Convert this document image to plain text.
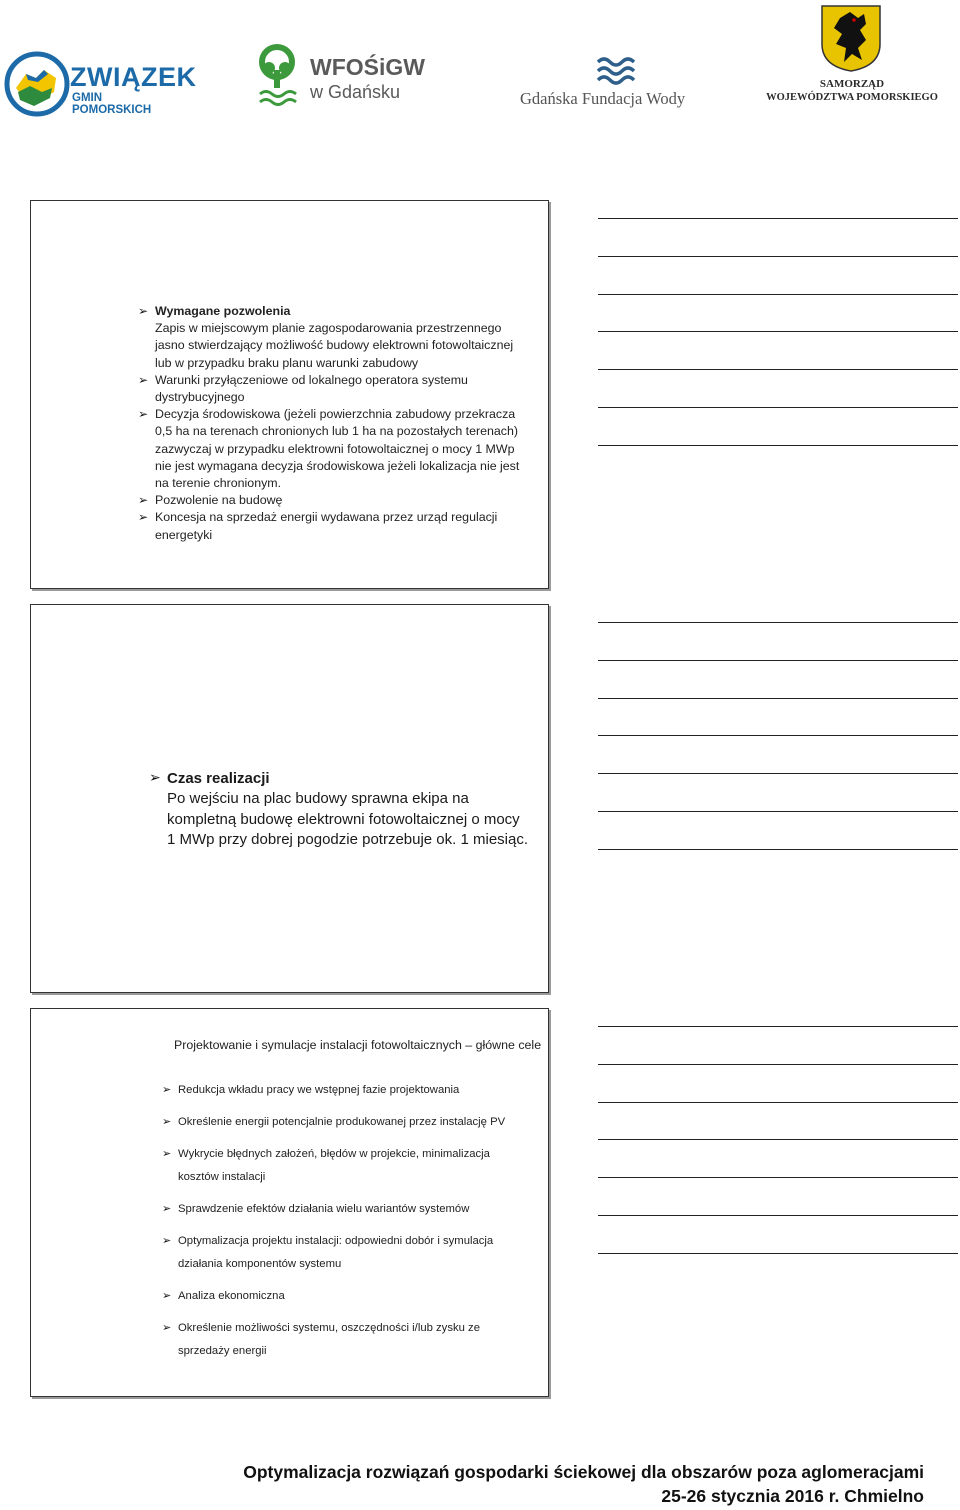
ZWIĄZEK
GMIN POMORSKICH
WFOŚiGW
w Gdańsku	Gdańska Fundacja Wody
SAMORZĄD
WOJEWÓDZTWA POMORSKIEGO
➢ Wymagane pozwolenia
Zapis w miejscowym planie zagospodarowania przestrzennego jasno stwierdzający możliwość budowy elektrowni fotowoltaicznej lub w przypadku braku planu warunki zabudowy
➢ Warunki przyłączeniowe od lokalnego operatora systemu dystrybucyjnego
➢ Decyzja środowiskowa (jeżeli powierzchnia zabudowy przekracza 0,5 ha na terenach chronionych lub 1 ha na pozostałych terenach) zazwyczaj w przypadku elektrowni fotowoltaicznej o mocy 1 MWp nie jest wymagana decyzja środowiskowa jeżeli lokalizacja nie jest na terenie chronionym.
➢ Pozwolenie na budowę
➢ Koncesja na sprzedaż energii wydawana przez urząd regulacji energetyki
➢ Czas realizacji
Po wejściu na plac budowy sprawna ekipa na kompletną budowę elektrowni fotowoltaicznej o mocy 1 MWp przy dobrej pogodzie potrzebuje ok. 1 miesiąc.
Projektowanie i symulacje instalacji fotowoltaicznych – główne cele
➢ Redukcja wkładu pracy we wstępnej fazie projektowania
➢ Określenie energii potencjalnie produkowanej przez instalację PV
➢ Wykrycie błędnych założeń, błędów w projekcie, minimalizacja kosztów instalacji
➢ Sprawdzenie efektów działania wielu wariantów systemów
➢ Optymalizacja projektu instalacji: odpowiedni dobór i symulacja działania komponentów systemu
➢ Analiza ekonomiczna
➢ Określenie możliwości systemu, oszczędności i/lub zysku ze sprzedaży energii
Optymalizacja rozwiązań gospodarki ściekowej dla obszarów poza aglomeracjami
25-26 stycznia 2016 r. Chmielno
